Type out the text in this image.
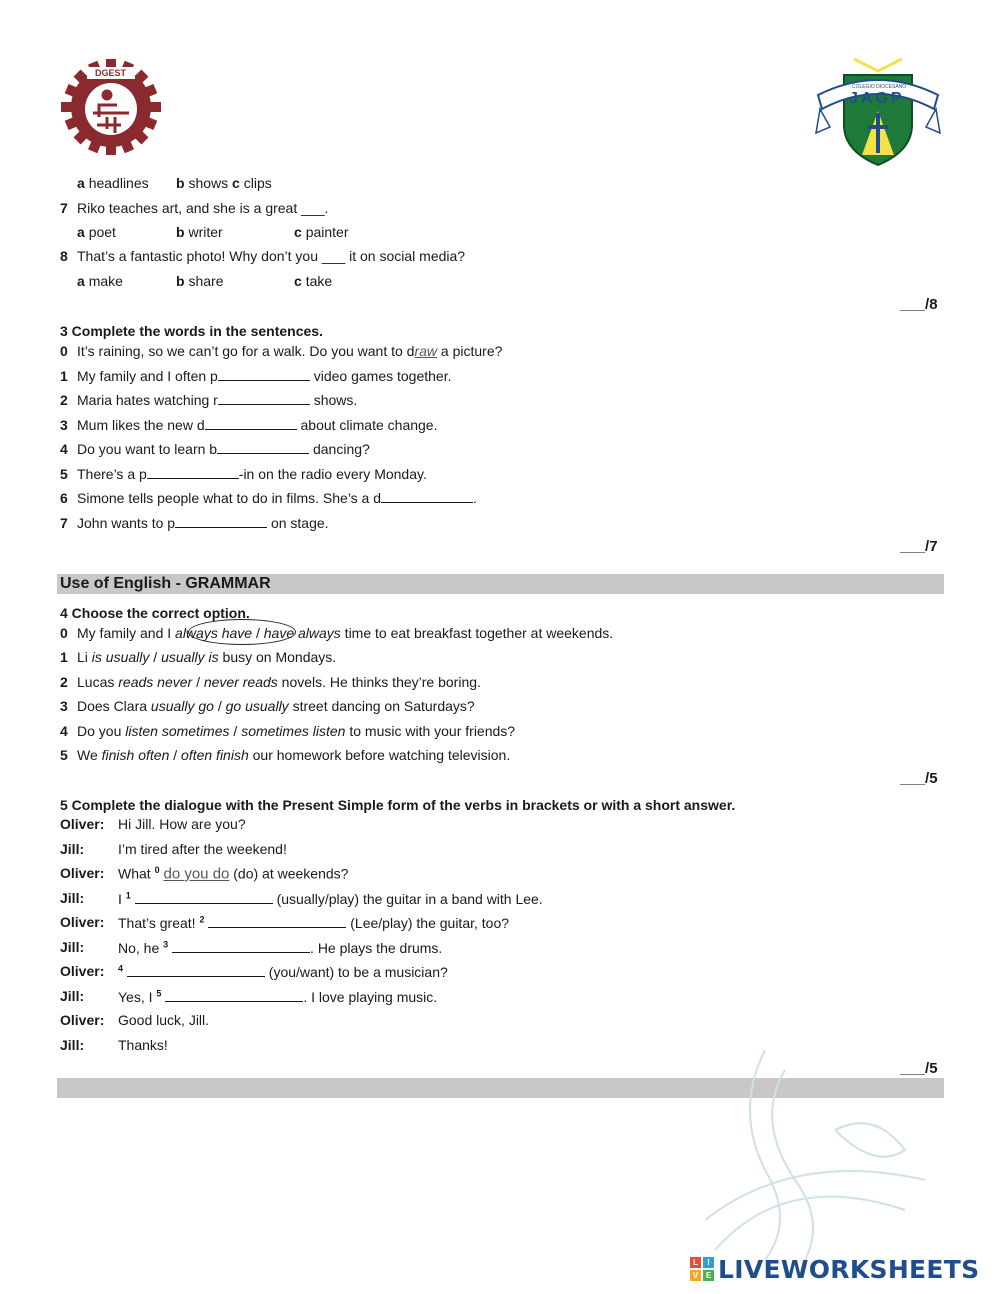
DGEST
COLEGIO DIOCESANO
JAGP
a headlines b shows c clips
7 Riko teaches art, and she is a great ___.
a poet	b writer	c painter
8 That’s a fantastic photo! Why don’t you ___ it on social media?
a make	b share	c take
___/8
3 Complete the words in the sentences.
0 It’s raining, so we can’t go for a walk. Do you want to draw a picture?
1 My family and I often p	video games together.
2 Maria hates watching r	shows.
3 Mum likes the new d	about climate change.
4 Do you want to learn b	dancing?
5 There’s a p	-in on the radio every Monday.
6 Simone tells people what to do in films. She’s a d	.
7 John wants to p	on stage.
___/7
Use of English - GRAMMAR
4 Choose the correct option.
0 My family and I always have / have always time to eat breakfast together at weekends.
1 Li is usually / usually is busy on Mondays.
2 Lucas reads never / never reads novels. He thinks they’re boring.
3 Does Clara usually go / go usually street dancing on Saturdays?
4 Do you listen sometimes / sometimes listen to music with your friends?
5 We finish often / often finish our homework before watching television.
___/5
5 Complete the dialogue with the Present Simple form of the verbs in brackets or with a short answer.
Oliver: Hi Jill. How are you?
Jill: I’m tired after the weekend!
Oliver: What $^0$ do you do (do) at weekends?
Jill: I $^1$	(usually/play) the guitar in a band with Lee.
Oliver: That’s great! $^2$	(Lee/play) the guitar, too?
Jill: No, he $^3$	. He plays the drums.
Oliver: $^4$	(you/want) to be a musician?
Jill: Yes, I $^5$	. I love playing music.
Oliver: Good luck, Jill.
Jill: Thanks!
___/5
L	I
V E LIVEWORKSHEETS
